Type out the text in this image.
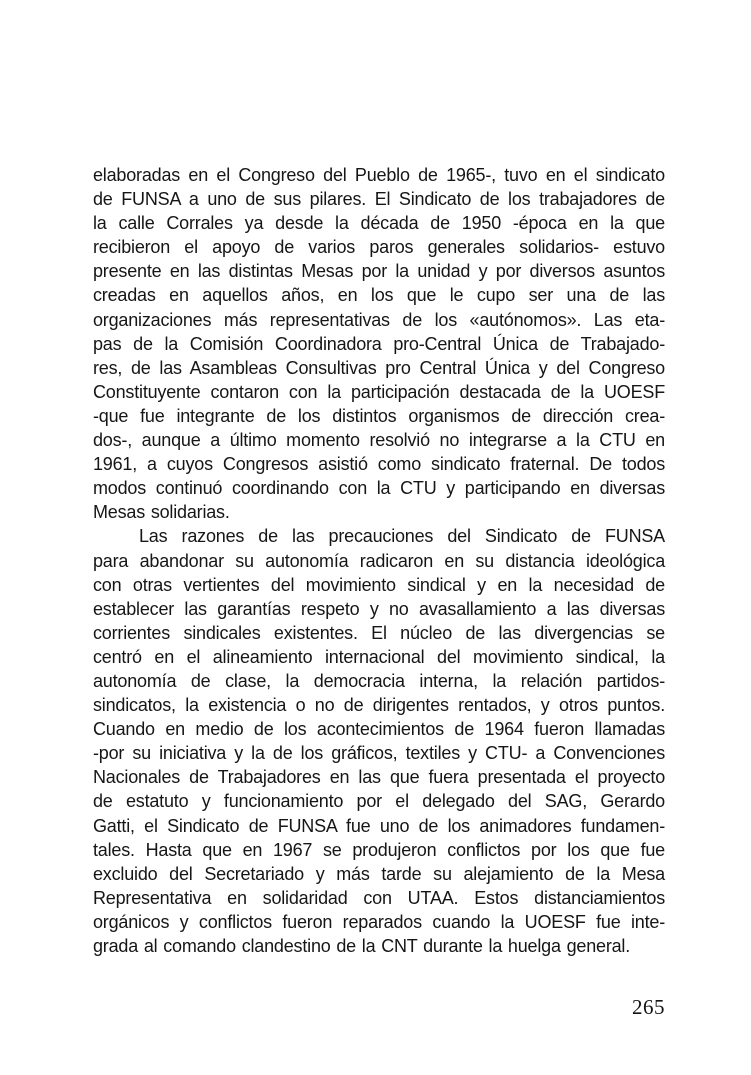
elaboradas en el Congreso del Pueblo de 1965-, tuvo en el sindicato
de FUNSA a uno de sus pilares. El Sindicato de los trabajadores de
la calle Corrales ya desde la década de 1950 -época en la que
recibieron el apoyo de varios paros generales solidarios- estuvo
presente en las distintas Mesas por la unidad y por diversos asuntos
creadas en aquellos años, en los que le cupo ser una de las
organizaciones más representativas de los «autónomos». Las eta-
pas de la Comisión Coordinadora pro-Central Única de Trabajado-
res, de las Asambleas Consultivas pro Central Única y del Congreso
Constituyente contaron con la participación destacada de la UOESF
-que fue integrante de los distintos organismos de dirección crea-
dos-, aunque a último momento resolvió no integrarse a la CTU en
1961, a cuyos Congresos asistió como sindicato fraternal. De todos
modos continuó coordinando con la CTU y participando en diversas
Mesas solidarias.
Las razones de las precauciones del Sindicato de FUNSA
para abandonar su autonomía radicaron en su distancia ideológica
con otras vertientes del movimiento sindical y en la necesidad de
establecer las garantías respeto y no avasallamiento a las diversas
corrientes sindicales existentes. El núcleo de las divergencias se
centró en el alineamiento internacional del movimiento sindical, la
autonomía de clase, la democracia interna, la relación partidos-
sindicatos, la existencia o no de dirigentes rentados, y otros puntos.
Cuando en medio de los acontecimientos de 1964 fueron llamadas
-por su iniciativa y la de los gráficos, textiles y CTU- a Convenciones
Nacionales de Trabajadores en las que fuera presentada el proyecto
de estatuto y funcionamiento por el delegado del SAG, Gerardo
Gatti, el Sindicato de FUNSA fue uno de los animadores fundamen-
tales. Hasta que en 1967 se produjeron conflictos por los que fue
excluido del Secretariado y más tarde su alejamiento de la Mesa
Representativa en solidaridad con UTAA. Estos distanciamientos
orgánicos y conflictos fueron reparados cuando la UOESF fue inte-
grada al comando clandestino de la CNT durante la huelga general.
265
